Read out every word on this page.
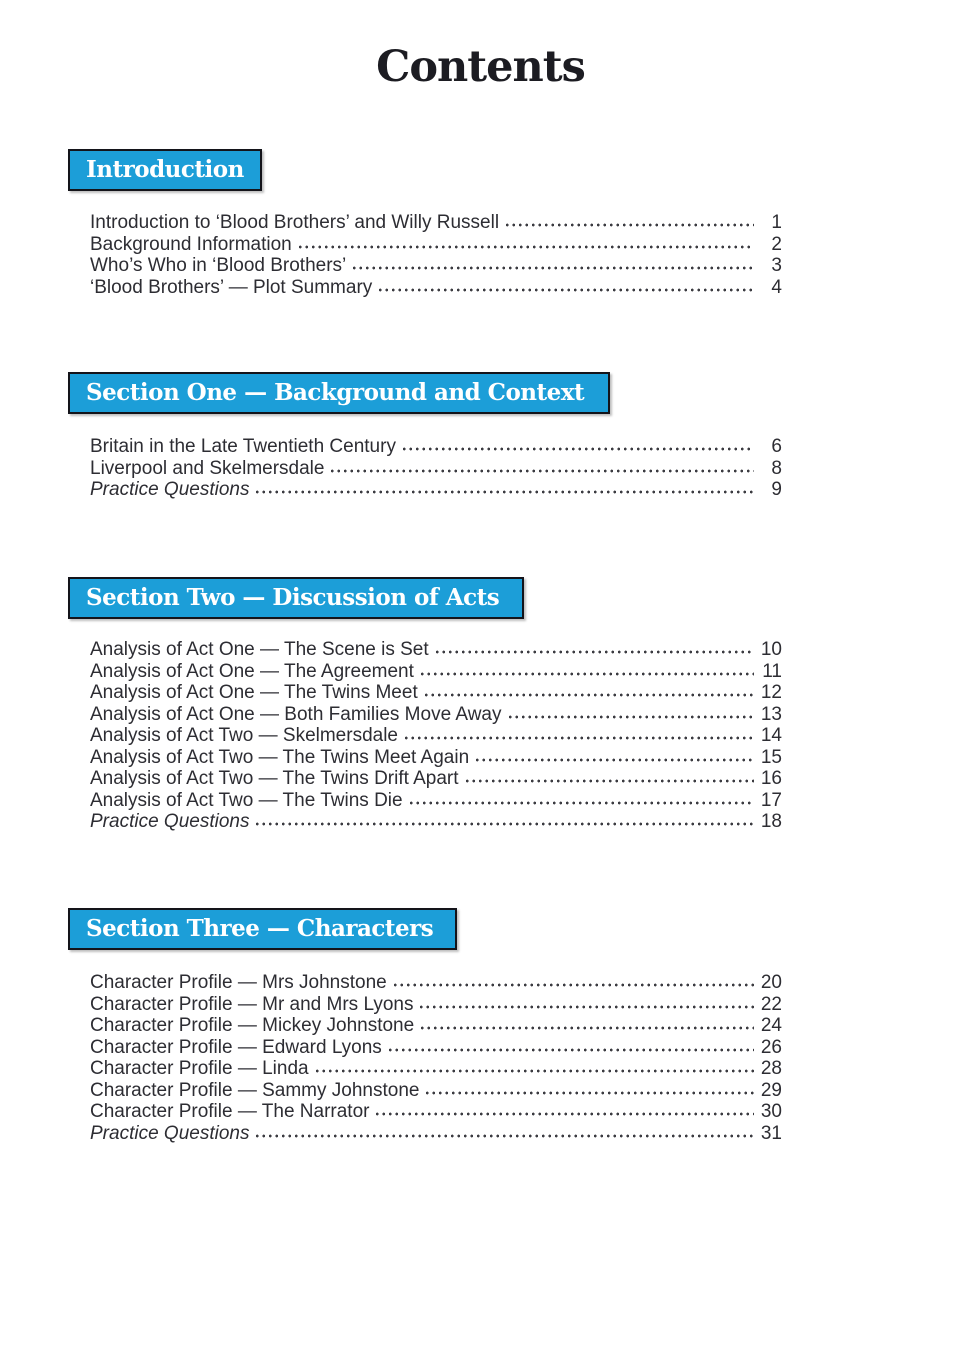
Contents
Introduction
Introduction to ‘Blood Brothers’ and Willy Russell	1
Background Information	2
Who’s Who in ‘Blood Brothers’	3
‘Blood Brothers’ — Plot Summary	4
Section One — Background and Context
Britain in the Late Twentieth Century	6
Liverpool and Skelmersdale	8
Practice Questions	9
Section Two — Discussion of Acts
Analysis of Act One — The Scene is Set	10
Analysis of Act One — The Agreement	11
Analysis of Act One — The Twins Meet	12
Analysis of Act One — Both Families Move Away	13
Analysis of Act Two — Skelmersdale	14
Analysis of Act Two — The Twins Meet Again	15
Analysis of Act Two — The Twins Drift Apart	16
Analysis of Act Two — The Twins Die	17
Practice Questions	18
Section Three — Characters
Character Profile — Mrs Johnstone	20
Character Profile — Mr and Mrs Lyons	22
Character Profile — Mickey Johnstone	24
Character Profile — Edward Lyons	26
Character Profile — Linda	28
Character Profile — Sammy Johnstone	29
Character Profile — The Narrator	30
Practice Questions	31
